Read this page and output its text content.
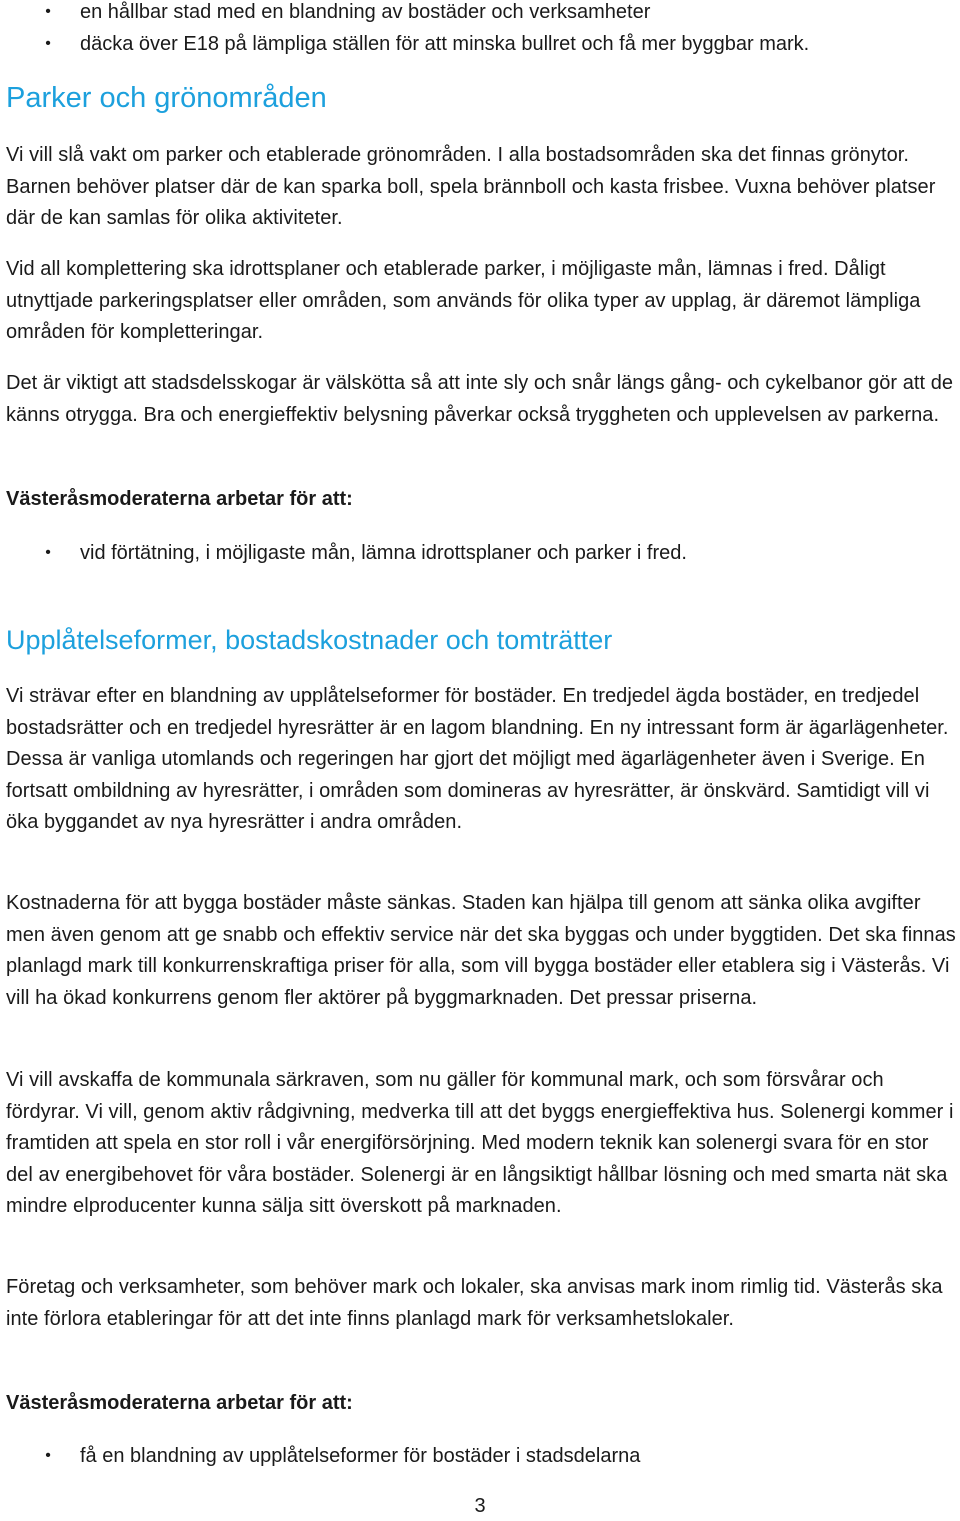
•	en hållbar stad med en blandning av bostäder och verksamheter
•	däcka över E18 på lämpliga ställen för att minska bullret och få mer byggbar mark.
Parker och grönområden

Vi vill slå vakt om parker och etablerade grönområden. I alla bostadsområden ska det finnas grönytor. Barnen behöver platser där de kan sparka boll, spela brännboll och kasta frisbee. Vuxna behöver platser där de kan samlas för olika aktiviteter.

Vid all komplettering ska idrottsplaner och etablerade parker, i möjligaste mån, lämnas i fred. Dåligt utnyttjade parkeringsplatser eller områden, som används för olika typer av upplag, är däremot lämpliga områden för kompletteringar.

Det är viktigt att stadsdelsskogar är välskötta så att inte sly och snår längs gång- och cykelbanor gör att de känns otrygga. Bra och energieffektiv belysning påverkar också tryggheten och upplevelsen av parkerna.

Västeråsmoderaterna arbetar för att:

•	vid förtätning, i möjligaste mån, lämna idrottsplaner och parker i fred.
Upplåtelseformer, bostadskostnader och tomträtter

Vi strävar efter en blandning av upplåtelseformer för bostäder. En tredjedel ägda bostäder, en tredjedel bostadsrätter och en tredjedel hyresrätter är en lagom blandning. En ny intressant form är ägarlägenheter. Dessa är vanliga utomlands och regeringen har gjort det möjligt med ägarlägenheter även i Sverige. En fortsatt ombildning av hyresrätter, i områden som domineras av hyresrätter, är önskvärd. Samtidigt vill vi öka byggandet av nya hyresrätter i andra områden.

Kostnaderna för att bygga bostäder måste sänkas. Staden kan hjälpa till genom att sänka olika avgifter men även genom att ge snabb och effektiv service när det ska byggas och under byggtiden. Det ska finnas planlagd mark till konkurrenskraftiga priser för alla, som vill bygga bostäder eller etablera sig i Västerås. Vi vill ha ökad konkurrens genom fler aktörer på byggmarknaden. Det pressar priserna.

Vi vill avskaffa de kommunala särkraven, som nu gäller för kommunal mark, och som försvårar och fördyrar. Vi vill, genom aktiv rådgivning, medverka till att det byggs energieffektiva hus. Solenergi kommer i framtiden att spela en stor roll i vår energiförsörjning. Med modern teknik kan solenergi svara för en stor del av energibehovet för våra bostäder. Solenergi är en långsiktigt hållbar lösning och med smarta nät ska mindre elproducenter kunna sälja sitt överskott på marknaden.

Företag och verksamheter, som behöver mark och lokaler, ska anvisas mark inom rimlig tid. Västerås ska inte förlora etableringar för att det inte finns planlagd mark för verksamhetslokaler.

Västeråsmoderaterna arbetar för att:

•	få en blandning av upplåtelseformer för bostäder i stadsdelarna
3
